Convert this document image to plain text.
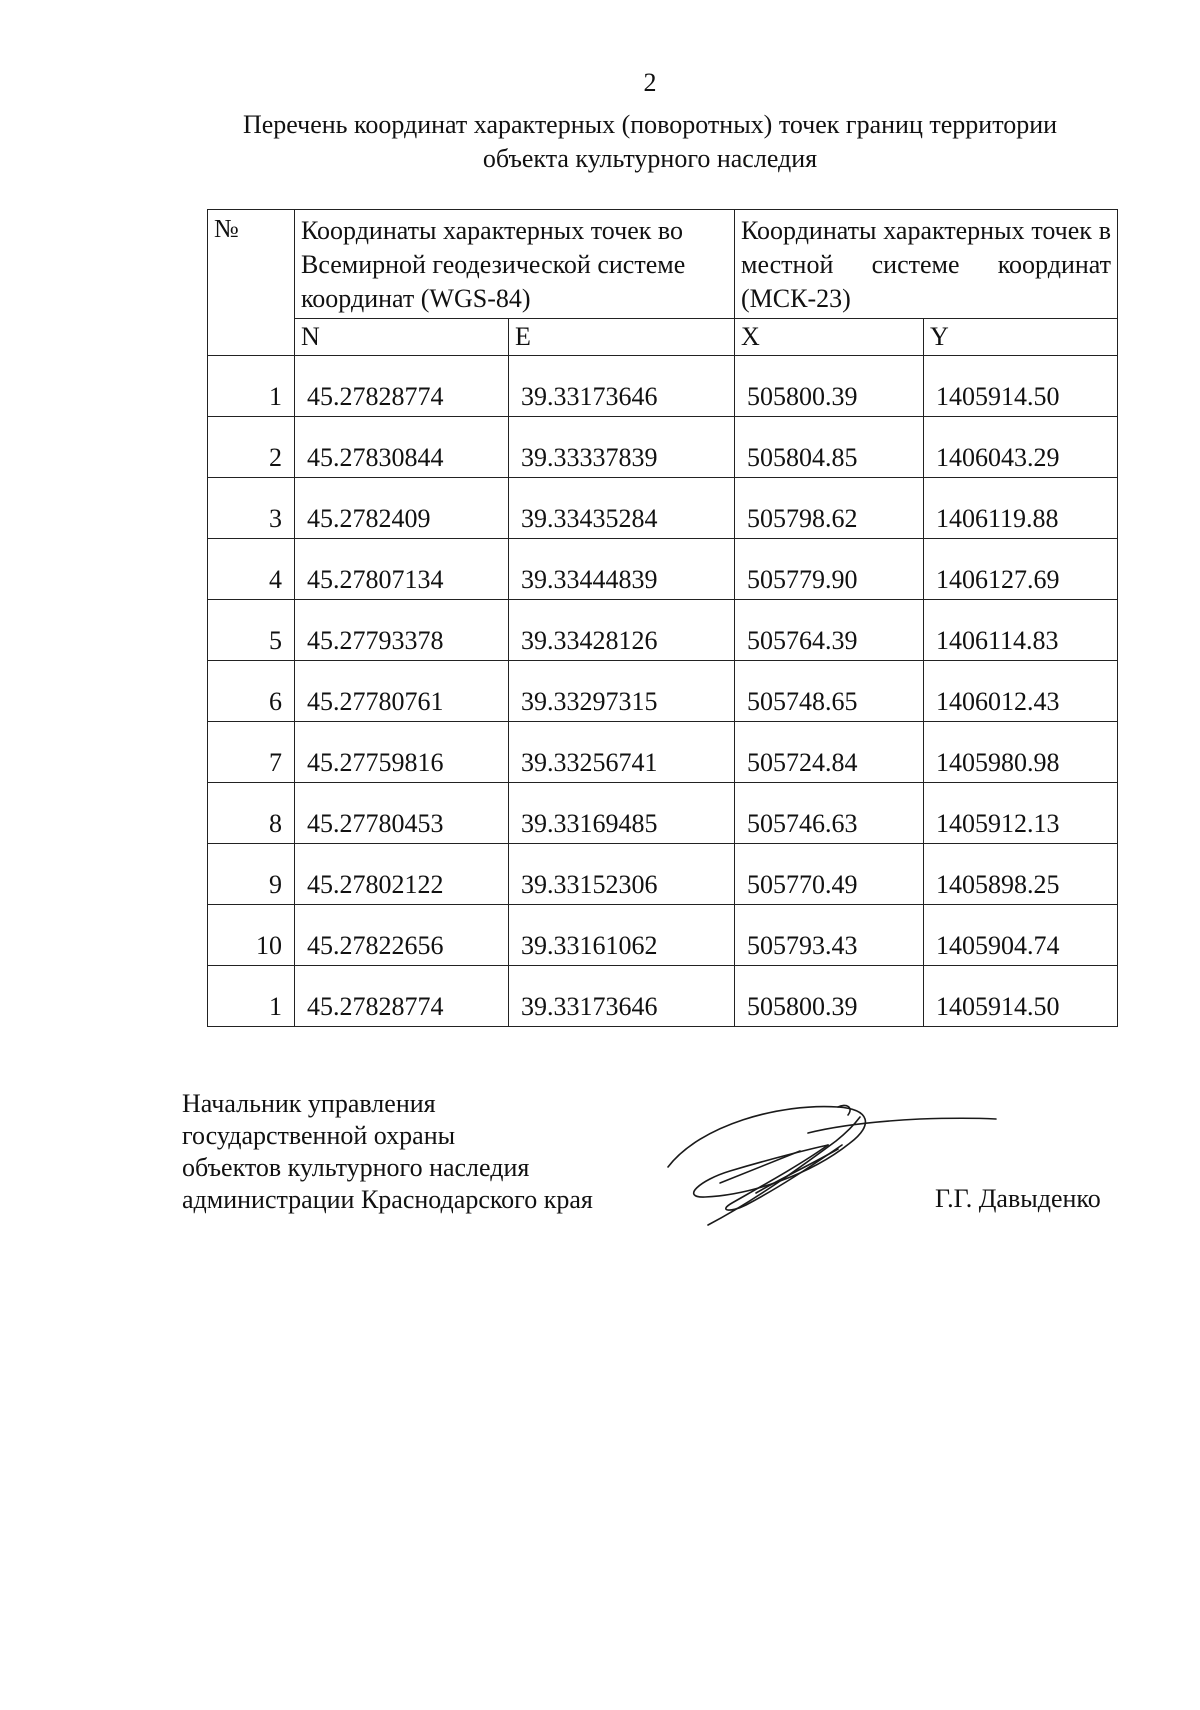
2
Перечень координат характерных (поворотных) точек границ территории
объекта культурного наследия
№	Координаты характерных точек во Всемирной геодезической системе координат (WGS-84)		Координаты характерных точек в местной системе координат (МСК-23)	
	N	E	X	Y
1	45.27828774	39.33173646	505800.39	1405914.50
2	45.27830844	39.33337839	505804.85	1406043.29
3	45.2782409	39.33435284	505798.62	1406119.88
4	45.27807134	39.33444839	505779.90	1406127.69
5	45.27793378	39.33428126	505764.39	1406114.83
6	45.27780761	39.33297315	505748.65	1406012.43
7	45.27759816	39.33256741	505724.84	1405980.98
8	45.27780453	39.33169485	505746.63	1405912.13
9	45.27802122	39.33152306	505770.49	1405898.25
10	45.27822656	39.33161062	505793.43	1405904.74
1	45.27828774	39.33173646	505800.39	1405914.50
Начальник управления
государственной охраны
объектов культурного наследия
администрации Краснодарского края	Г.Г. Давыденко
